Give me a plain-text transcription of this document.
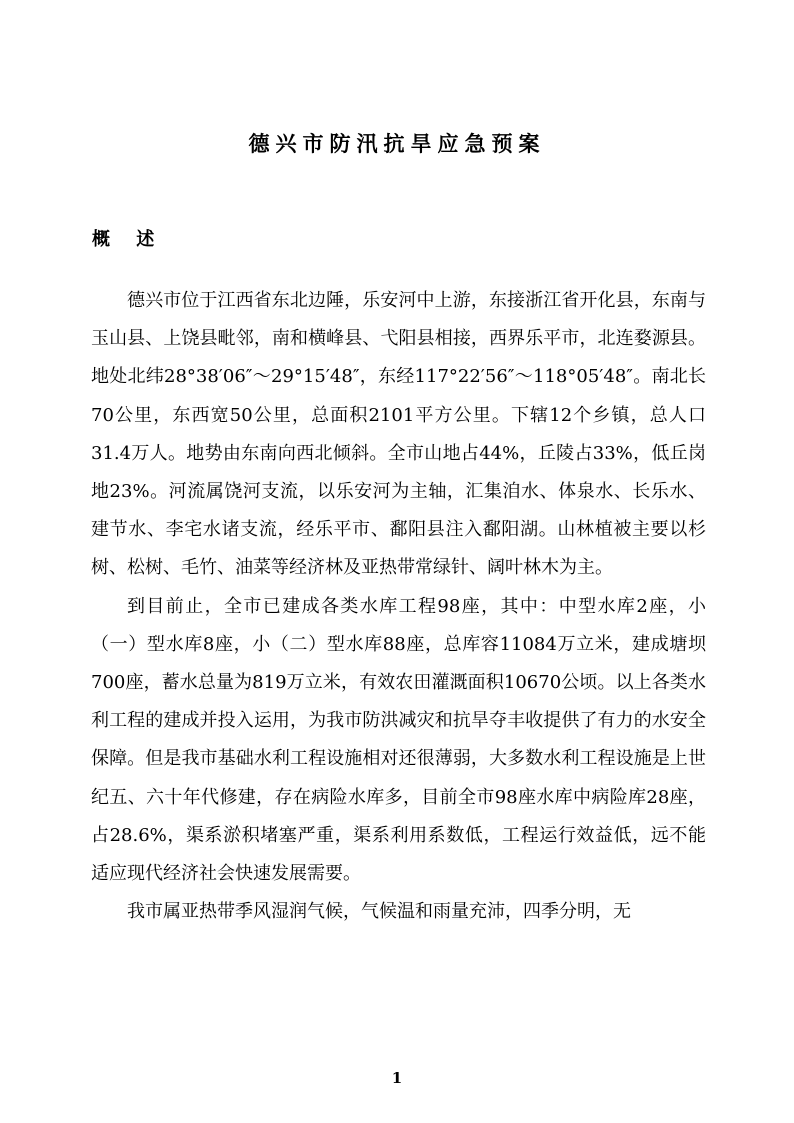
德兴市防汛抗旱应急预案
概 述

德兴市位于江西省东北边陲，乐安河中上游，东接浙江省开化县，东南与玉山县、上饶县毗邻，南和横峰县、弋阳县相接，西界乐平市，北连婺源县。地处北纬28°38′06″～29°15′48″，东经117°22′56″～118°05′48″。南北长70公里，东西宽50公里，总面积2101平方公里。下辖12个乡镇，总人口31.4万人。地势由东南向西北倾斜。全市山地占44%，丘陵占33%，低丘岗地23%。河流属饶河支流，以乐安河为主轴，汇集洎水、体泉水、长乐水、建节水、李宅水诸支流，经乐平市、鄱阳县注入鄱阳湖。山林植被主要以杉树、松树、毛竹、油菜等经济林及亚热带常绿针、阔叶林木为主。

到目前止，全市已建成各类水库工程98座，其中：中型水库2座，小（一）型水库8座，小（二）型水库88座，总库容11084万立米，建成塘坝700座，蓄水总量为819万立米，有效农田灌溉面积10670公顷。以上各类水利工程的建成并投入运用，为我市防洪减灾和抗旱夺丰收提供了有力的水安全保障。但是我市基础水利工程设施相对还很薄弱，大多数水利工程设施是上世纪五、六十年代修建，存在病险水库多，目前全市98座水库中病险库28座，占28.6%，渠系淤积堵塞严重，渠系利用系数低，工程运行效益低，远不能适应现代经济社会快速发展需要。

我市属亚热带季风湿润气候，气候温和雨量充沛，四季分明，无

1
